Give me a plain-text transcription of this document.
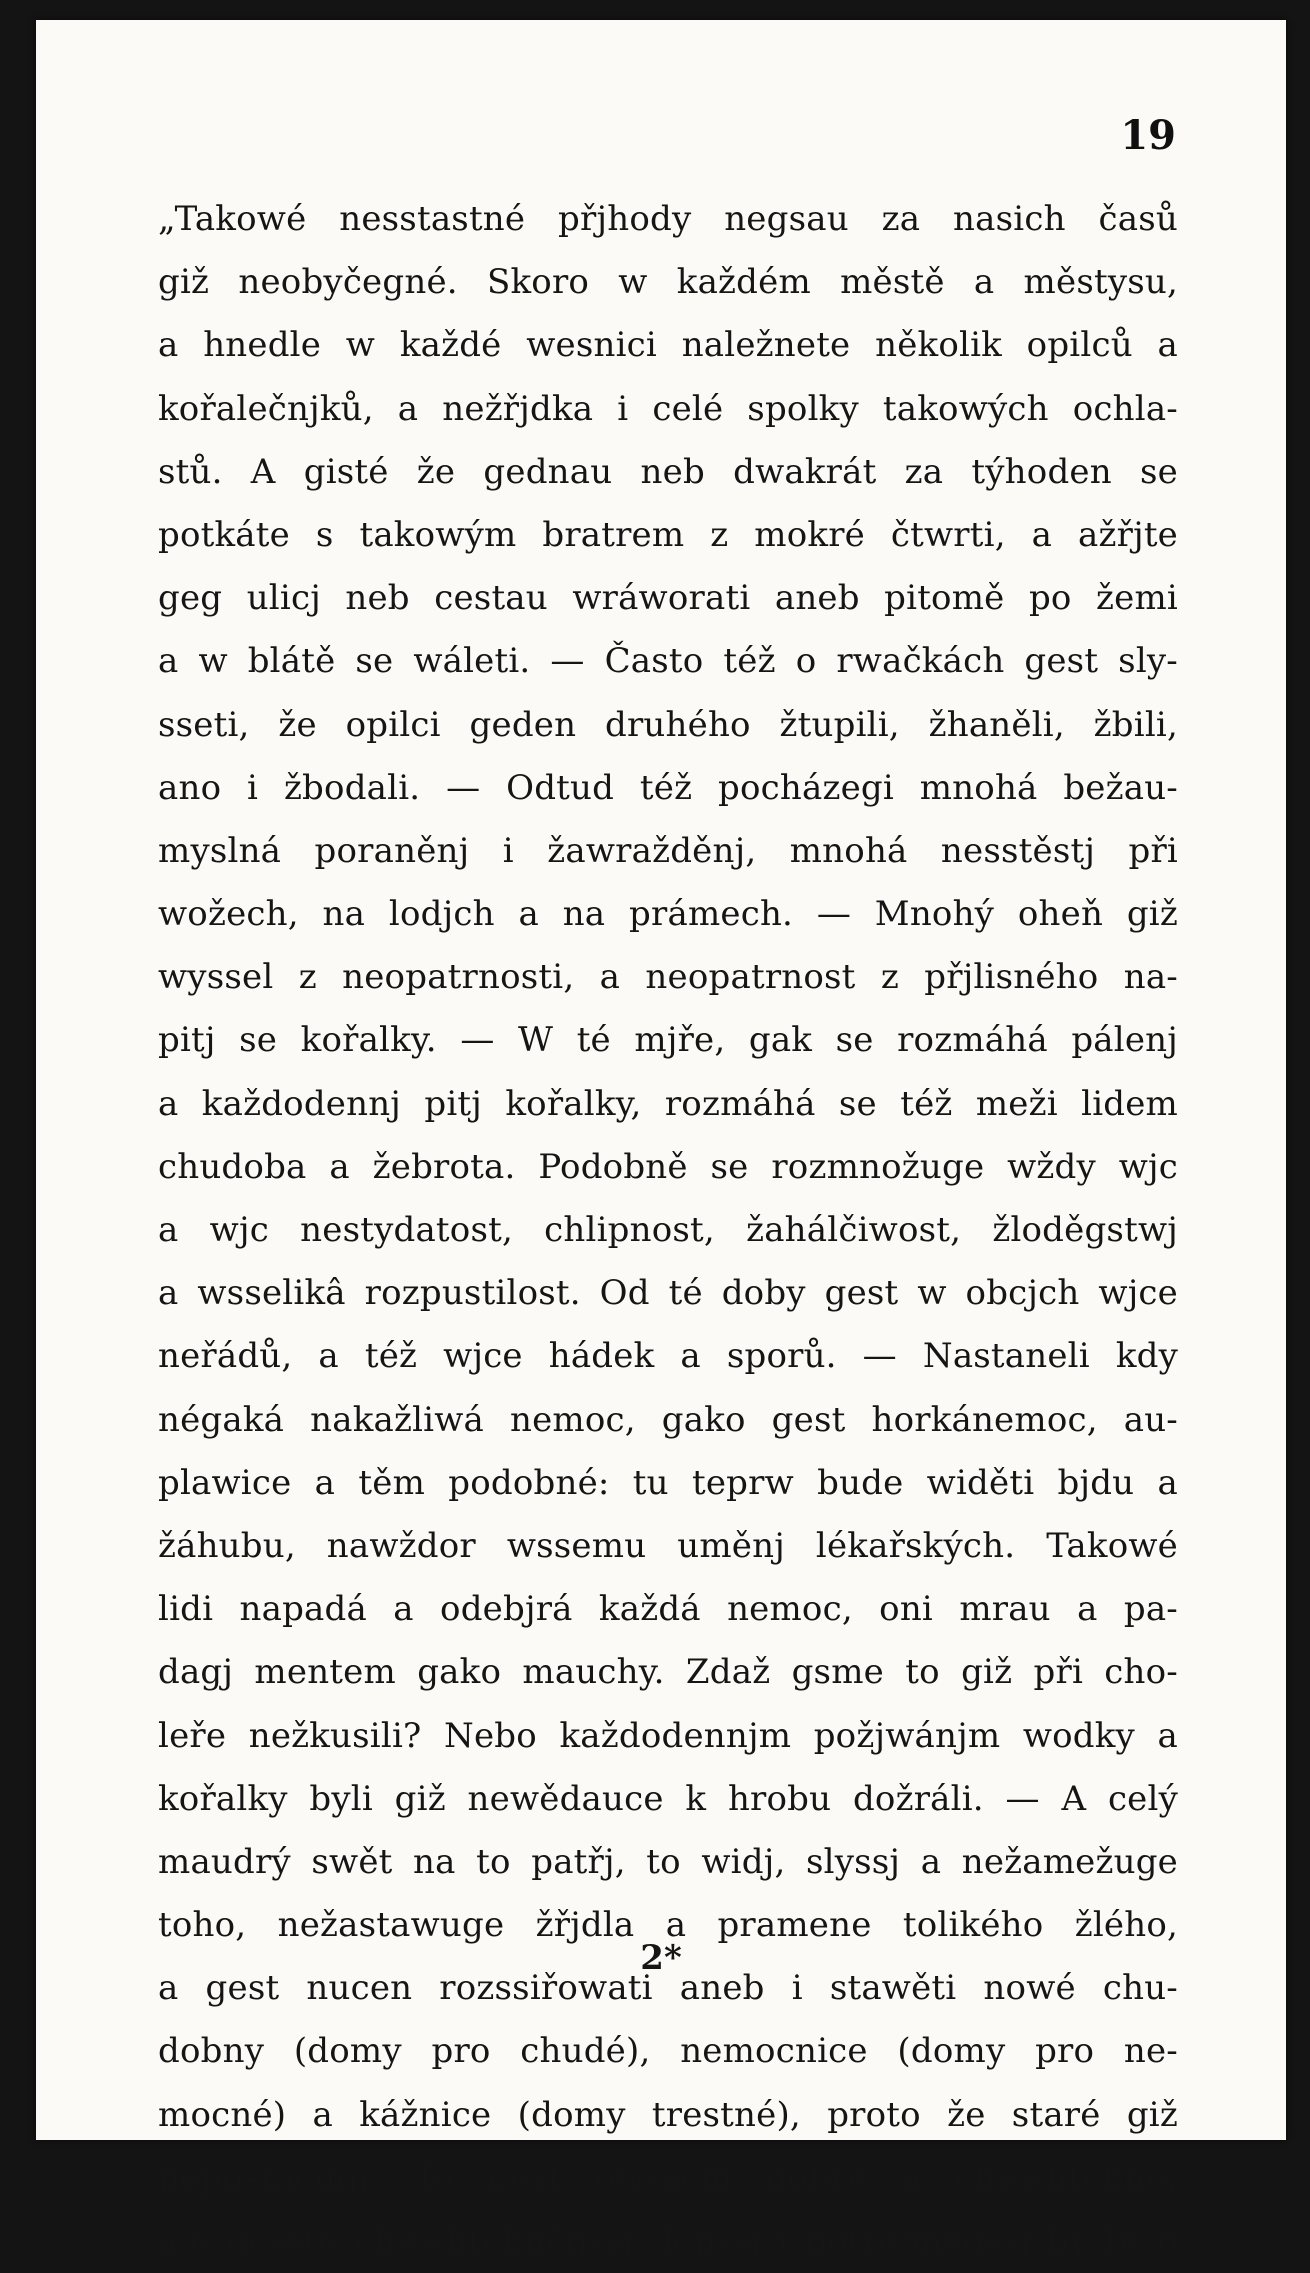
19
„Takowé nesstastné přjhody negsau za nasich časů
giž neobyčegné. Skoro w každém městě a městysu,
a hnedle w každé wesnici naležnete několik opilců a
kořalečnjků, a nežřjdka i celé spolky takowých ochla-
stů. A gisté že gednau neb dwakrát za týhoden se
potkáte s takowým bratrem z mokré čtwrti, a ažřjte
geg ulicj neb cestau wráworati aneb pitomě po žemi
a w blátě se wáleti. — Často též o rwačkách gest sly-
sseti, že opilci geden druhého žtupili, žhaněli, žbili,
ano i žbodali. — Odtud též pocházegi mnohá bežau-
myslná poraněnj i žawražděnj, mnohá nesstěstj při
wožech, na lodjch a na prámech. — Mnohý oheň giž
wyssel z neopatrnosti, a neopatrnost z přjlisného na-
pitj se kořalky. — W té mjře, gak se rozmáhá pálenj
a každodennj pitj kořalky, rozmáhá se též meži lidem
chudoba a žebrota. Podobně se rozmnožuge wždy wjc
a wjc nestydatost, chlipnost, žahálčiwost, žloděgstwj
a wsselikâ rozpustilost. Od té doby gest w obcjch wjce
neřádů, a též wjce hádek a sporů. — Nastaneli kdy
négaká nakažliwá nemoc, gako gest horkánemoc, au-
plawice a těm podobné: tu teprw bude widěti bjdu a
žáhubu, nawždor wssemu uměnj lékařských. Takowé
lidi napadá a odebjrá každá nemoc, oni mrau a pa-
dagj mentem gako mauchy. Zdaž gsme to giž při cho-
leře nežkusili? Nebo každodennjm požjwánjm wodky a
kořalky byli giž newědauce k hrobu dožráli. — A celý
maudrý swět na to patřj, to widj, slyssj a nežamežuge
toho, nežastawuge žřjdla a pramene tolikého žlého,
a gest nucen rozssiřowati aneb i stawěti nowé chu-
dobny (domy pro chudé), nemocnice (domy pro ne-
mocné) a kážnice (domy trestné), proto že staré giž
nepostačugj. To gest owssem dobré a chwalitebné;
ale gesstě chwalitebněgssj, lepssj i potřebněgssj by bylo
2*
